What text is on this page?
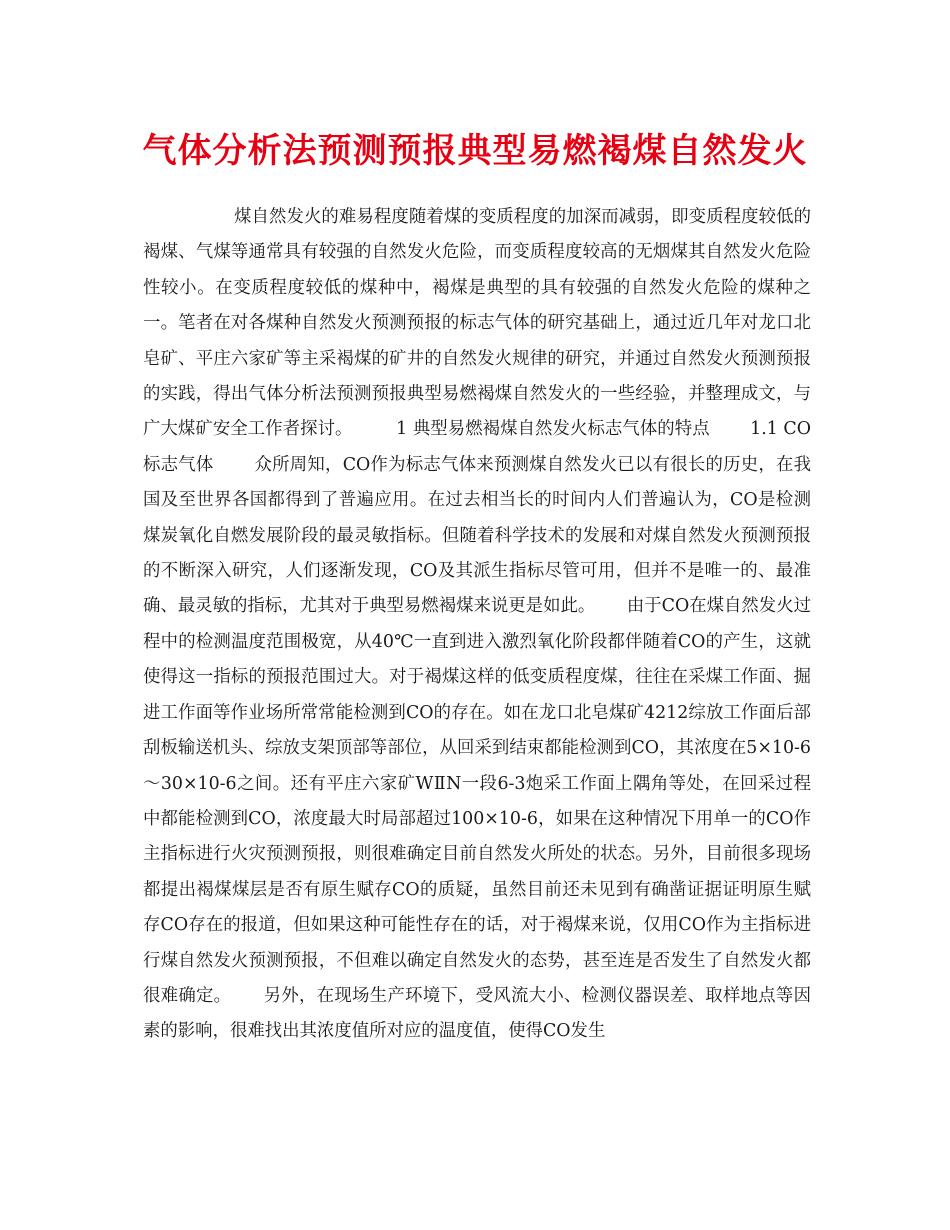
气体分析法预测预报典型易燃褐煤自然发火

煤自然发火的难易程度随着煤的变质程度的加深而减弱，即变质程度较低的褐煤、气煤等通常具有较强的自然发火危险，而变质程度较高的无烟煤其自然发火危险性较小。在变质程度较低的煤种中，褐煤是典型的具有较强的自然发火危险的煤种之一。笔者在对各煤种自然发火预测预报的标志气体的研究基础上，通过近几年对龙口北皂矿、平庄六家矿等主采褐煤的矿井的自然发火规律的研究，并通过自然发火预测预报的实践，得出气体分析法预测预报典型易燃褐煤自然发火的一些经验，并整理成文，与广大煤矿安全工作者探讨。　　　1 典型易燃褐煤自然发火标志气体的特点　　 1.1 CO标志气体　　 众所周知，CO作为标志气体来预测煤自然发火已以有很长的历史，在我国及至世界各国都得到了普遍应用。在过去相当长的时间内人们普遍认为，CO是检测煤炭氧化自燃发展阶段的最灵敏指标。但随着科学技术的发展和对煤自然发火预测预报的不断深入研究，人们逐渐发现，CO及其派生指标尽管可用，但并不是唯一的、最准确、最灵敏的指标，尤其对于典型易燃褐煤来说更是如此。　　 由于CO在煤自然发火过程中的检测温度范围极宽，从40℃一直到进入激烈氧化阶段都伴随着CO的产生，这就使得这一指标的预报范围过大。对于褐煤这样的低变质程度煤，往往在采煤工作面、掘进工作面等作业场所常常能检测到CO的存在。如在龙口北皂煤矿4212综放工作面后部刮板输送机头、综放支架顶部等部位，从回采到结束都能检测到CO，其浓度在5×10-6～30×10-6之间。还有平庄六家矿WⅡN一段6-3炮采工作面上隅角等处，在回采过程中都能检测到CO，浓度最大时局部超过100×10-6，如果在这种情况下用单一的CO作主指标进行火灾预测预报，则很难确定目前自然发火所处的状态。另外，目前很多现场都提出褐煤煤层是否有原生赋存CO的质疑，虽然目前还未见到有确凿证据证明原生赋存CO存在的报道，但如果这种可能性存在的话，对于褐煤来说，仅用CO作为主指标进行煤自然发火预测预报，不但难以确定自然发火的态势，甚至连是否发生了自然发火都很难确定。　　 另外，在现场生产环境下，受风流大小、检测仪器误差、取样地点等因素的影响，很难找出其浓度值所对应的温度值，使得CO发生
